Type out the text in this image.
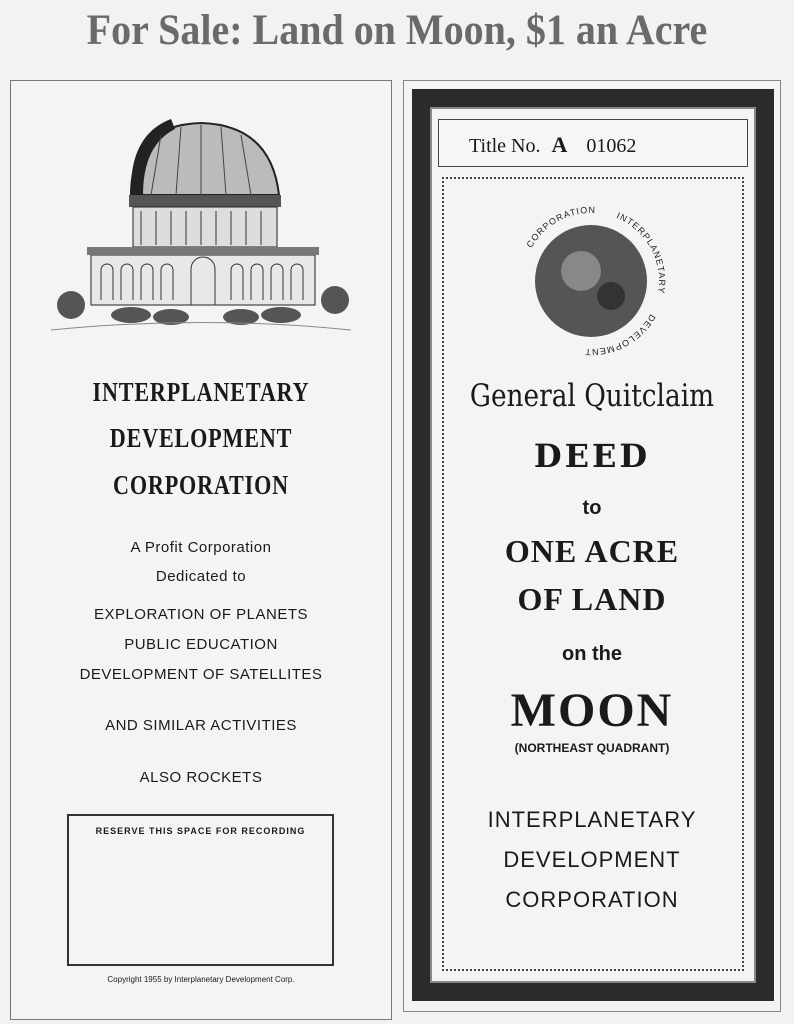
For Sale: Land on Moon, $1 an Acre
INTERPLANETARY
DEVELOPMENT
CORPORATION
A Profit Corporation
Dedicated to
EXPLORATION OF PLANETS
PUBLIC EDUCATION
DEVELOPMENT OF SATELLITES
AND SIMILAR ACTIVITIES
ALSO ROCKETS
RESERVE THIS SPACE FOR RECORDING
Copyright 1955 by Interplanetary Development Corp.
Title No. A 01062
CORPORATION
INTERPLANETARY
DEVELOPMENT
General Quitclaim
DEED
to
ONE ACRE
OF LAND
on the
MOON
(NORTHEAST QUADRANT)
INTERPLANETARY
DEVELOPMENT
CORPORATION
